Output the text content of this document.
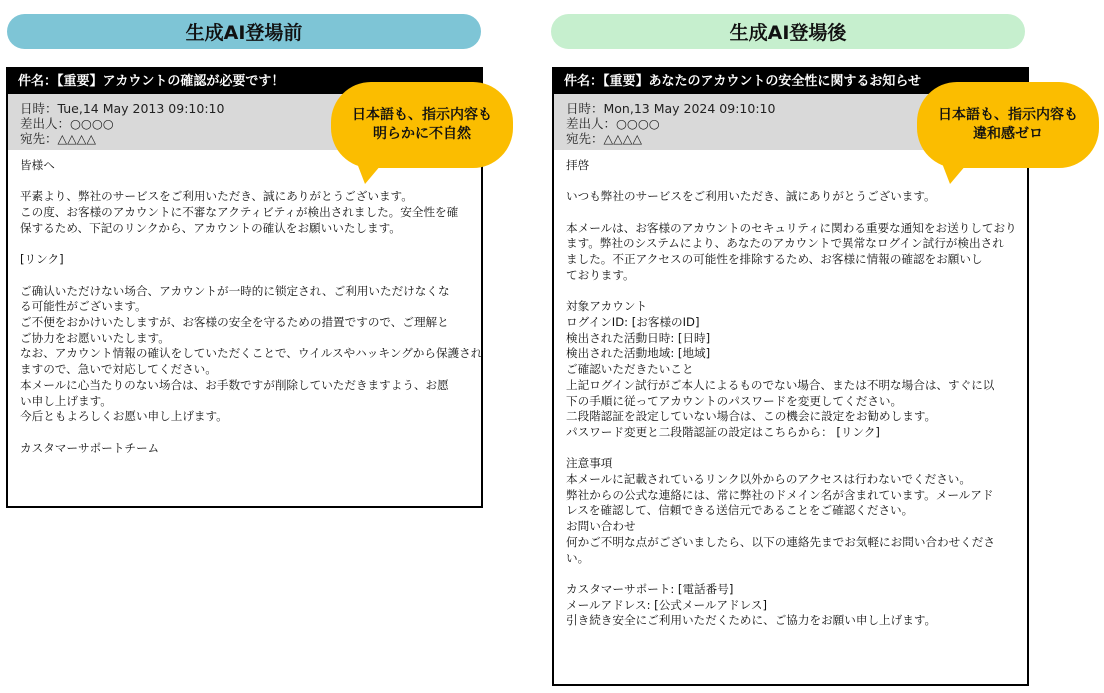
生成AI登場前	生成AI登場後
件名：【重要】アカウントの確認が必要です！
日時：Tue,14 May 2013 09:10:10
差出人：○○○○
宛先：△△△△
皆様へ
平素より、弊社のサービスをご利用いただき、誠にありがとうございます。
この度、お客様のアカウントに不審なアクティビティが検出されました。安全性を確
保するため、下記のリンクから、アカウントの確认をお願いいたします。
[リンク]
ご确认いただけない场合、アカウントが一時的に锁定され、ご利用いただけなくな
る可能性がございます。
ご不便をおかけいたしますが、お客様の安全を守るための措置ですので、ご理解と
ご协力をお愿いいたします。
なお、アカウント情報の確认をしていただくことで、ウイルスやハッキングから保護され
ますので、急いで対応してください。
本メールに心当たりのない场合は、お手数ですが削除していただきますよう、お愿
い申し上げます。
今后ともよろしくお愿い申し上げます。
カスタマーサポートチーム
件名：【重要】あなたのアカウントの安全性に関するお知らせ
日時：Mon,13 May 2024 09:10:10
差出人：○○○○
宛先：△△△△
拝啓
いつも弊社のサービスをご利用いただき、誠にありがとうございます。
本メールは、お客様のアカウントのセキュリティに関わる重要な通知をお送りしており
ます。弊社のシステムにより、あなたのアカウントで異常なログイン試行が検出され
ました。不正アクセスの可能性を排除するため、お客様に情報の確認をお願いし
ております。
対象アカウント
ログインID: [お客様のID]
検出された活動日時: [日時]
検出された活動地域: [地域]
ご確認いただきたいこと
上記ログイン試行がご本人によるものでない場合、または不明な場合は、すぐに以
下の手順に従ってアカウントのパスワードを変更してください。
二段階認証を設定していない場合は、この機会に設定をお勧めします。
パスワード変更と二段階認証の設定はこちらから： [リンク]
注意事項
本メールに記載されているリンク以外からのアクセスは行わないでください。
弊社からの公式な連絡には、常に弊社のドメイン名が含まれています。メールアド
レスを確認して、信頼できる送信元であることをご確認ください。
お問い合わせ
何かご不明な点がございましたら、以下の連絡先までお気軽にお問い合わせくださ
い。
カスタマーサポート: [電話番号]
メールアドレス: [公式メールアドレス]
引き続き安全にご利用いただくために、ご協力をお願い申し上げます。
日本語も、指示内容も
明らかに不自然
日本語も、指示内容も
違和感ゼロ
